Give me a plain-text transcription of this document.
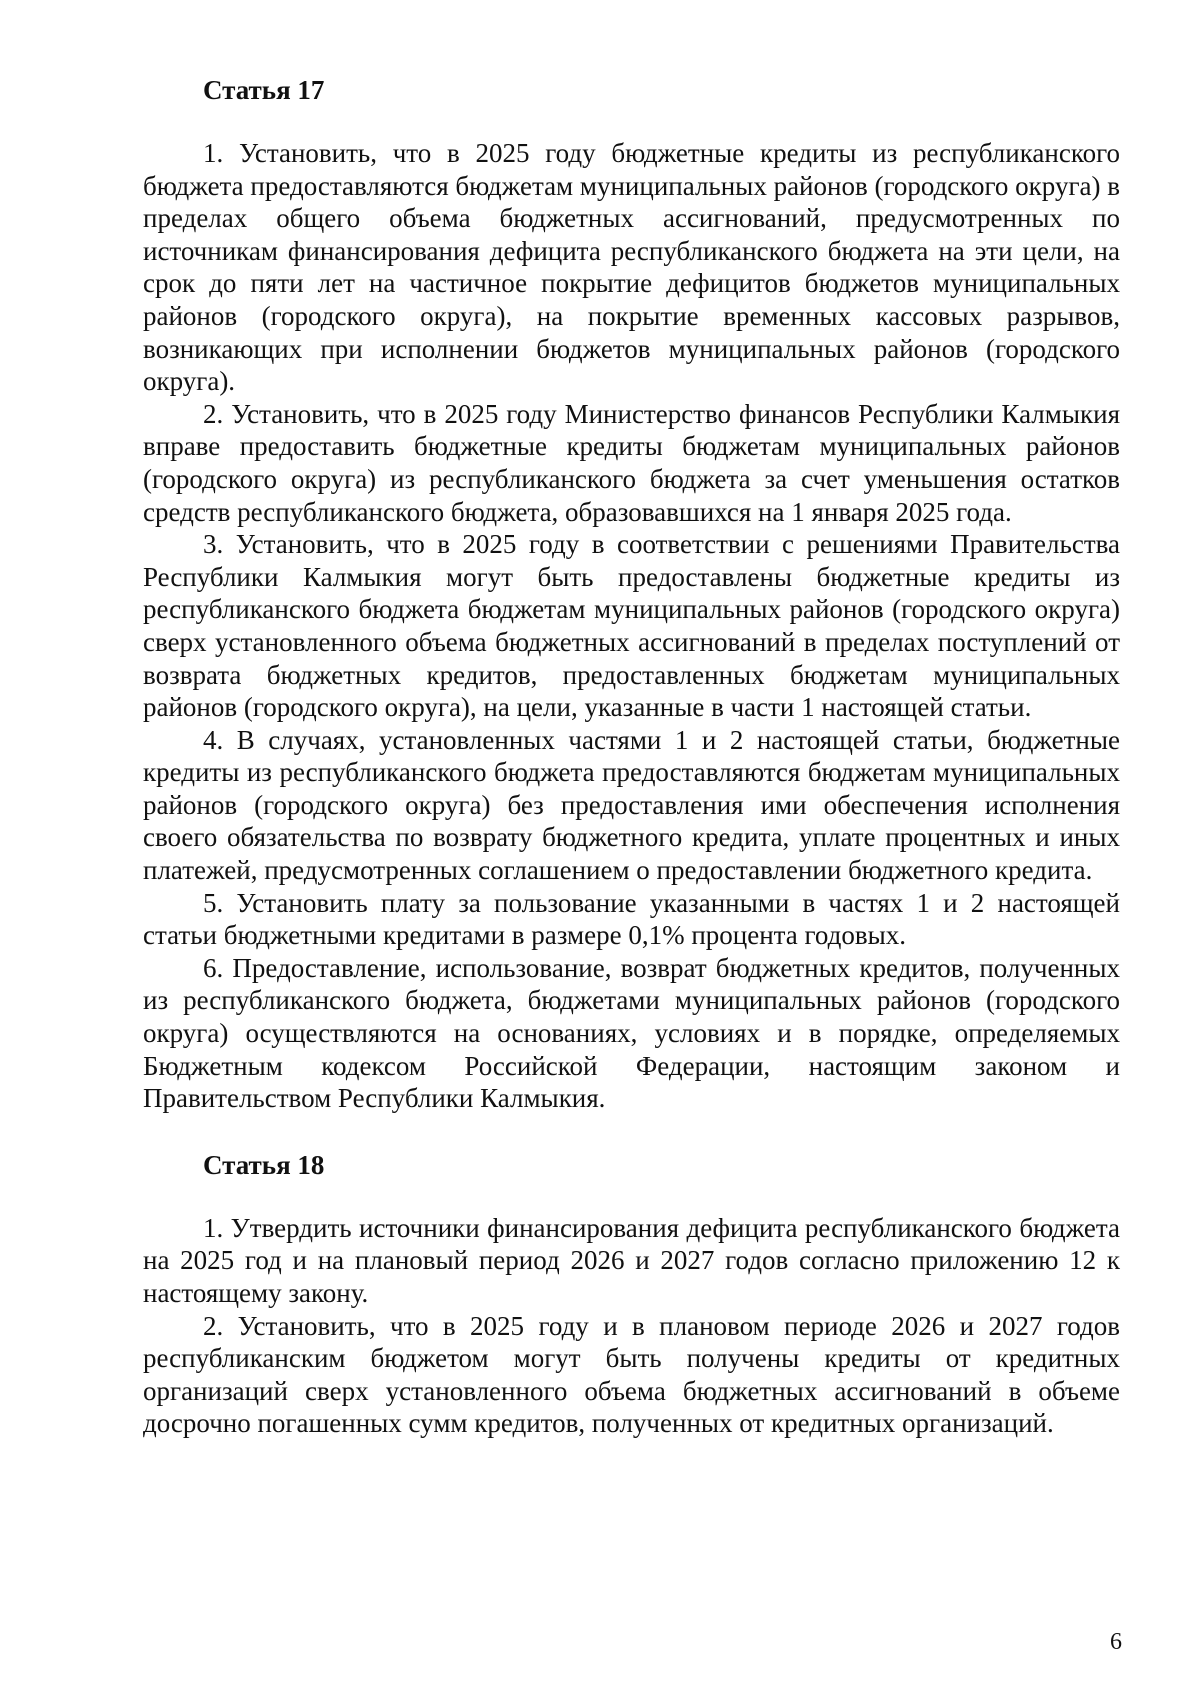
Статья 17

1. Установить, что в 2025 году бюджетные кредиты из республиканского бюджета предоставляются бюджетам муниципальных районов (городского округа) в пределах общего объема бюджетных ассигнований, предусмотренных по источникам финансирования дефицита республиканского бюджета на эти цели, на срок до пяти лет на частичное покрытие дефицитов бюджетов муниципальных районов (городского округа), на покрытие временных кассовых разрывов, возникающих при исполнении бюджетов муниципальных районов (городского округа).

2. Установить, что в 2025 году Министерство финансов Республики Калмыкия вправе предоставить бюджетные кредиты бюджетам муниципальных районов (городского округа) из республиканского бюджета за счет уменьшения остатков средств республиканского бюджета, образовавшихся на 1 января 2025 года.

3. Установить, что в 2025 году в соответствии с решениями Правительства Республики Калмыкия могут быть предоставлены бюджетные кредиты из республиканского бюджета бюджетам муниципальных районов (городского округа) сверх установленного объема бюджетных ассигнований в пределах поступлений от возврата бюджетных кредитов, предоставленных бюджетам муниципальных районов (городского округа), на цели, указанные в части 1 настоящей статьи.

4. В случаях, установленных частями 1 и 2 настоящей статьи, бюджетные кредиты из республиканского бюджета предоставляются бюджетам муниципальных районов (городского округа) без предоставления ими обеспечения исполнения своего обязательства по возврату бюджетного кредита, уплате процентных и иных платежей, предусмотренных соглашением о предоставлении бюджетного кредита.

5. Установить плату за пользование указанными в частях 1 и 2 настоящей статьи бюджетными кредитами в размере 0,1% процента годовых.

6. Предоставление, использование, возврат бюджетных кредитов, полученных из республиканского бюджета, бюджетами муниципальных районов (городского округа) осуществляются на основаниях, условиях и в порядке, определяемых Бюджетным кодексом Российской Федерации, настоящим законом и Правительством Республики Калмыкия.

Статья 18

1. Утвердить источники финансирования дефицита республиканского бюджета на 2025 год и на плановый период 2026 и 2027 годов согласно приложению 12 к настоящему закону.

2. Установить, что в 2025 году и в плановом периоде 2026 и 2027 годов республиканским бюджетом могут быть получены кредиты от кредитных организаций сверх установленного объема бюджетных ассигнований в объеме досрочно погашенных сумм кредитов, полученных от кредитных организаций.

6
